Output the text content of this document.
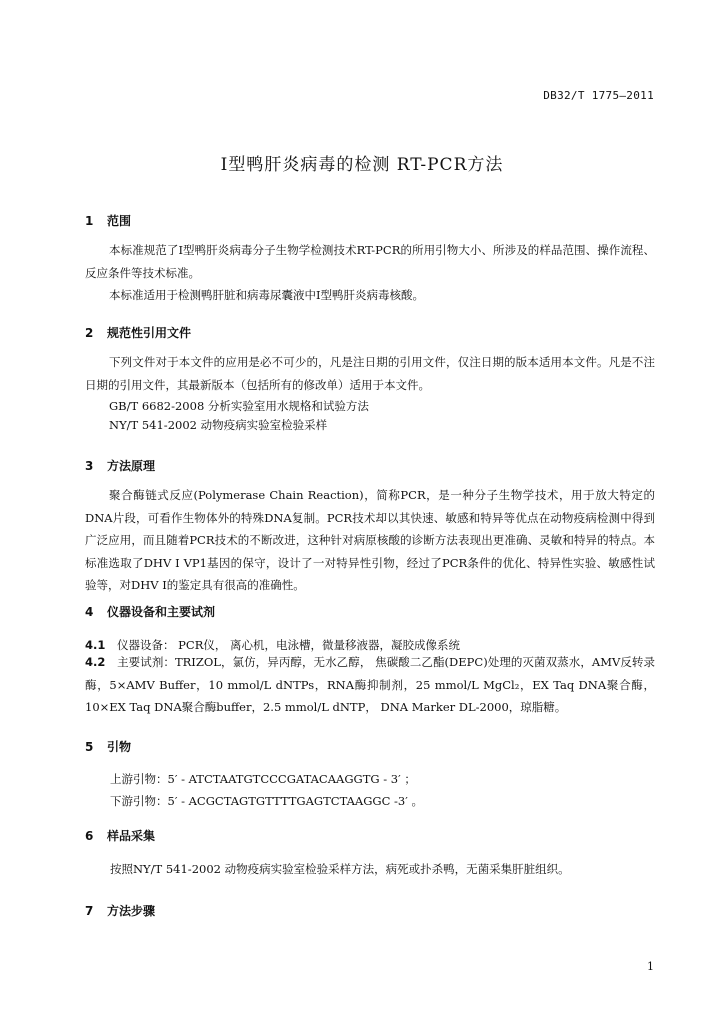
DB32/T 1775—2011
I型鸭肝炎病毒的检测 RT-PCR方法
1 范围
本标准规范了I型鸭肝炎病毒分子生物学检测技术RT-PCR的所用引物大小、所涉及的样品范围、操作流程、反应条件等技术标准。
本标准适用于检测鸭肝脏和病毒尿囊液中I型鸭肝炎病毒核酸。
2 规范性引用文件
下列文件对于本文件的应用是必不可少的，凡是注日期的引用文件，仅注日期的版本适用本文件。凡是不注日期的引用文件，其最新版本（包括所有的修改单）适用于本文件。
GB/T 6682-2008 分析实验室用水规格和试验方法
NY/T 541-2002 动物疫病实验室检验采样
3 方法原理
聚合酶链式反应(Polymerase Chain Reaction)，简称PCR，是一种分子生物学技术，用于放大特定的DNA片段，可看作生物体外的特殊DNA复制。PCR技术却以其快速、敏感和特异等优点在动物疫病检测中得到广泛应用，而且随着PCR技术的不断改进，这种针对病原核酸的诊断方法表现出更准确、灵敏和特异的特点。本标准选取了DHV I VP1基因的保守，设计了一对特异性引物，经过了PCR条件的优化、特异性实验、敏感性试验等，对DHV I的鉴定具有很高的准确性。
4 仪器设备和主要试剂
4.1 仪器设备： PCR仪， 离心机，电泳槽，微量移液器，凝胶成像系统
4.2 主要试剂：TRIZOL，氯仿，异丙醇，无水乙醇， 焦碳酸二乙酯(DEPC)处理的灭菌双蒸水，AMV反转录酶，5×AMV Buffer，10 mmol/L dNTPs，RNA酶抑制剂，25 mmol/L MgCl₂，EX Taq DNA聚合酶，10×EX Taq DNA聚合酶buffer，2.5 mmol/L dNTP， DNA Marker DL-2000，琼脂糖。
5 引物
上游引物：5′ - ATCTAATGTCCCGATACAAGGTG - 3′ ；
下游引物：5′ - ACGCTAGTGTTTTGAGTCTAAGGC -3′ 。
6 样品采集
按照NY/T 541-2002 动物疫病实验室检验采样方法，病死或扑杀鸭，无菌采集肝脏组织。
7 方法步骤
1
